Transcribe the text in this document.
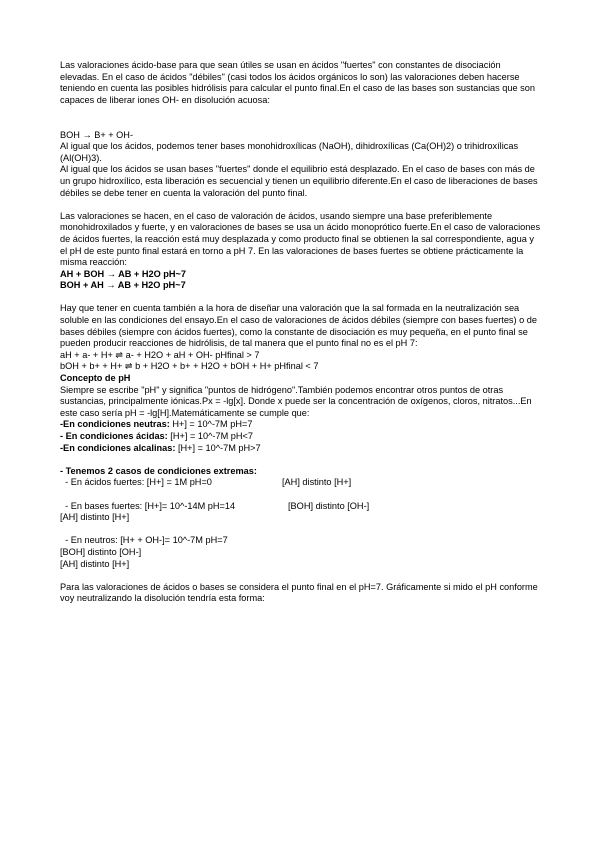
Las valoraciones ácido-base para que sean útiles se usan en ácidos "fuertes" con constantes de disociación elevadas. En el caso de ácidos "débiles" (casi todos los ácidos orgánicos lo son) las valoraciones deben hacerse teniendo en cuenta las posibles hidrólisis para calcular el punto final.En el caso de las bases son sustancias que son capaces de liberar iones OH- en disolución acuosa:

BOH → B+ + OH-

Al igual que los ácidos, podemos tener bases monohidroxílicas (NaOH), dihidroxílicas (Ca(OH)2) o trihidroxílicas (Al(OH)3).

Al igual que los ácidos se usan bases "fuertes" donde el equilibrio está desplazado. En el caso de bases con más de un grupo hidroxílico, esta liberación es secuencial y tienen un equilibrio diferente.En el caso de liberaciones de bases débiles se debe tener en cuenta la valoración del punto final.

Las valoraciones se hacen, en el caso de valoración de ácidos, usando siempre una base preferiblemente monohidroxilados y fuerte, y en valoraciones de bases se usa un ácido monoprótico fuerte.En el caso de valoraciones de ácidos fuertes, la reacción está muy desplazada y como producto final se obtienen la sal correspondiente, agua y el pH de este punto final estará en torno a pH 7. En las valoraciones de bases fuertes se obtiene prácticamente la misma reacción:

AH + BOH → AB + H2O pH~7

BOH + AH → AB + H2O pH~7

Hay que tener en cuenta también a la hora de diseñar una valoración que la sal formada en la neutralización sea soluble en las condiciones del ensayo.En el caso de valoraciones de ácidos débiles (siempre con bases fuertes) o de bases débiles (siempre con ácidos fuertes), como la constante de disociación es muy pequeña, en el punto final se pueden producir reacciones de hidrólisis, de tal manera que el punto final no es el pH 7:

aH + a- + H+ ⇌ a- + H2O + aH + OH- pHfinal > 7

bOH + b+ + H+ ⇌ b + H2O + b+ + H2O + bOH + H+ pHfinal < 7

Concepto de pH

Siempre se escribe "pH" y significa "puntos de hidrógeno".También podemos encontrar otros puntos de otras sustancias, principalmente iónicas.Px = -lg[x]. Donde x puede ser la concentración de oxígenos, cloros, nitratos...En este caso sería pH = -lg[H].Matemáticamente se cumple que:

-En condiciones neutras: H+] = 10^-7M pH=7

- En condiciones ácidas: [H+] = 10^-7M pH<7

-En condiciones alcalinas: [H+] = 10^-7M pH>7

- Tenemos 2 casos de condiciones extremas:

- En ácidos fuertes: [H+] = 1M pH=0	[AH] distinto [H+]

- En bases fuertes: [H+]= 10^-14M pH=14	[BOH] distinto [OH-]

[AH] distinto [H+]

- En neutros: [H+ + OH-]= 10^-7M pH=7

[BOH] distinto [OH-]

[AH] distinto [H+]

Para las valoraciones de ácidos o bases se considera el punto final en el pH=7. Gráficamente si mido el pH conforme voy neutralizando la disolución tendría esta forma:
